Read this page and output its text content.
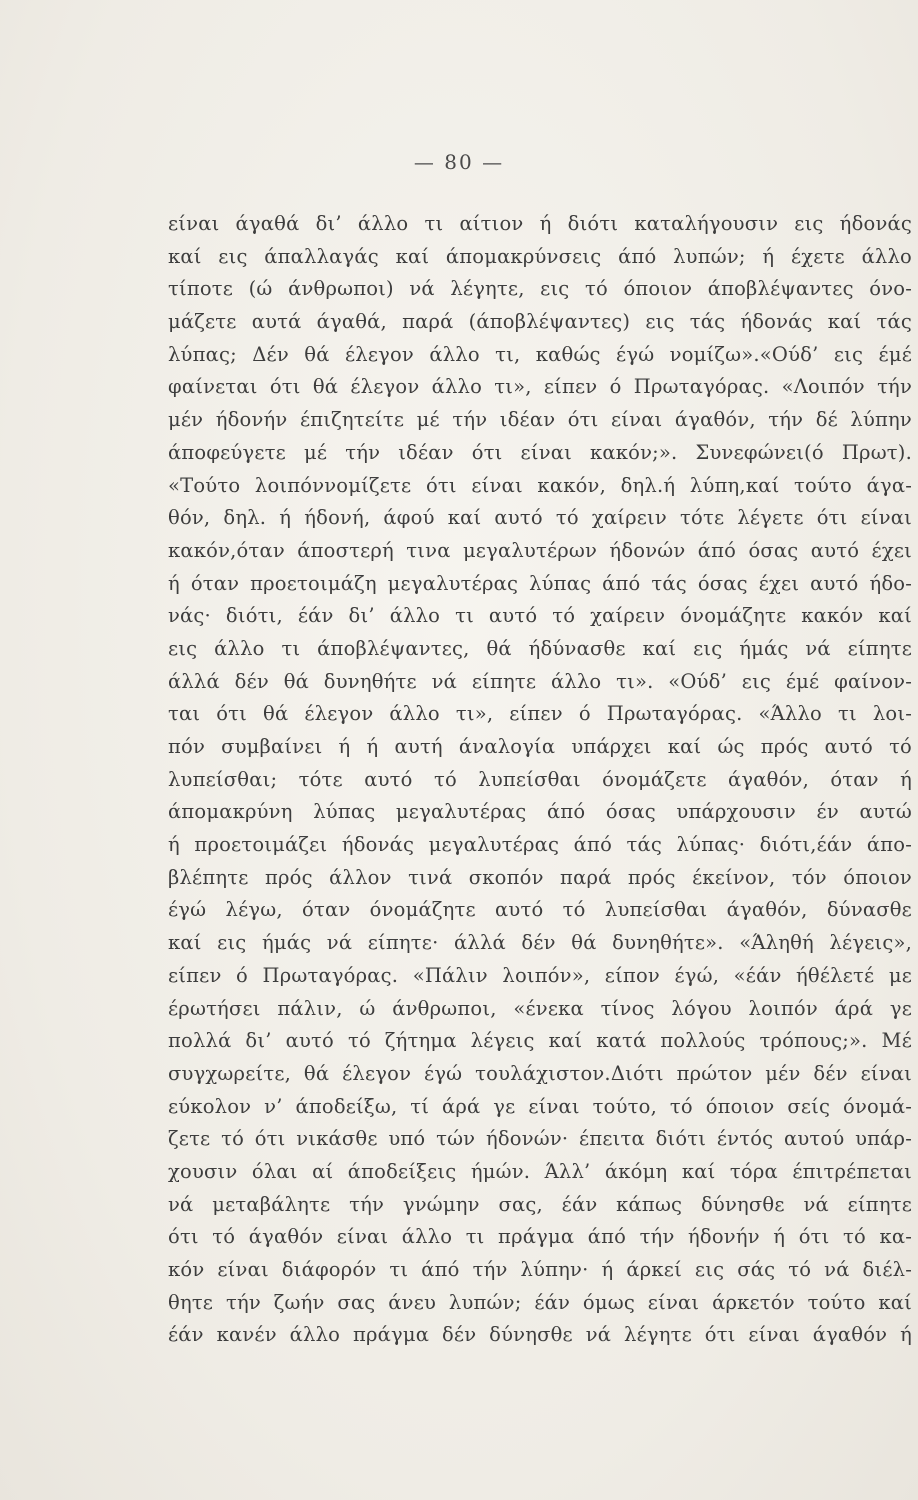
— 80 —
είναι άγαθά δι’ άλλο τι αίτιον ή διότι καταλήγουσιν εις ήδονάς
καί εις άπαλλαγάς καί άπομακρύνσεις άπό λυπών; ή έχετε άλλο
τίποτε (ώ άνθρωποι) νά λέγητε, εις τό όποιον άποβλέψαντες όνο-
μάζετε αυτά άγαθά, παρά (άποβλέψαντες) εις τάς ήδονάς καί τάς
λύπας; Δέν θά έλεγον άλλο τι, καθώς έγώ νομίζω».«Ούδ’ εις έμέ
φαίνεται ότι θά έλεγον άλλο τι», είπεν ό Πρωταγόρας. «Λοιπόν τήν
μέν ήδονήν έπιζητείτε μέ τήν ιδέαν ότι είναι άγαθόν, τήν δέ λύπην
άποφεύγετε μέ τήν ιδέαν ότι είναι κακόν;». Συνεφώνει(ό Πρωτ).
«Τούτο λοιπόννομίζετε ότι είναι κακόν, δηλ.ή λύπη,καί τούτο άγα-
θόν, δηλ. ή ήδονή, άφού καί αυτό τό χαίρειν τότε λέγετε ότι είναι
κακόν,όταν άποστερή τινα μεγαλυτέρων ήδονών άπό όσας αυτό έχει
ή όταν προετοιμάζη μεγαλυτέρας λύπας άπό τάς όσας έχει αυτό ήδο-
νάς· διότι, έάν δι’ άλλο τι αυτό τό χαίρειν όνομάζητε κακόν καί
εις άλλο τι άποβλέψαντες, θά ήδύνασθε καί εις ήμάς νά είπητε
άλλά δέν θά δυνηθήτε νά είπητε άλλο τι». «Ούδ’ εις έμέ φαίνον-
ται ότι θά έλεγον άλλο τι», είπεν ό Πρωταγόρας. «Άλλο τι λοι-
πόν συμβαίνει ή ή αυτή άναλογία υπάρχει καί ώς πρός αυτό τό
λυπείσθαι; τότε αυτό τό λυπείσθαι όνομάζετε άγαθόν, όταν ή
άπομακρύνη λύπας μεγαλυτέρας άπό όσας υπάρχουσιν έν αυτώ
ή προετοιμάζει ήδονάς μεγαλυτέρας άπό τάς λύπας· διότι,έάν άπο-
βλέπητε πρός άλλον τινά σκοπόν παρά πρός έκείνον, τόν όποιον
έγώ λέγω, όταν όνομάζητε αυτό τό λυπείσθαι άγαθόν, δύνασθε
καί εις ήμάς νά είπητε· άλλά δέν θά δυνηθήτε». «Άληθή λέγεις»,
είπεν ό Πρωταγόρας. «Πάλιν λοιπόν», είπον έγώ, «έάν ήθέλετέ με
έρωτήσει πάλιν, ώ άνθρωποι, «ένεκα τίνος λόγου λοιπόν άρά γε
πολλά δι’ αυτό τό ζήτημα λέγεις καί κατά πολλούς τρόπους;». Μέ
συγχωρείτε, θά έλεγον έγώ τουλάχιστον.Διότι πρώτον μέν δέν είναι
εύκολον ν’ άποδείξω, τί άρά γε είναι τούτο, τό όποιον σείς όνομά-
ζετε τό ότι νικάσθε υπό τών ήδονών· έπειτα διότι έντός αυτού υπάρ-
χουσιν όλαι αί άποδείξεις ήμών. Άλλ’ άκόμη καί τόρα έπιτρέπεται
νά μεταβάλητε τήν γνώμην σας, έάν κάπως δύνησθε νά είπητε
ότι τό άγαθόν είναι άλλο τι πράγμα άπό τήν ήδονήν ή ότι τό κα-
κόν είναι διάφορόν τι άπό τήν λύπην· ή άρκεί εις σάς τό νά διέλ-
θητε τήν ζωήν σας άνευ λυπών; έάν όμως είναι άρκετόν τούτο καί
έάν κανέν άλλο πράγμα δέν δύνησθε νά λέγητε ότι είναι άγαθόν ή
